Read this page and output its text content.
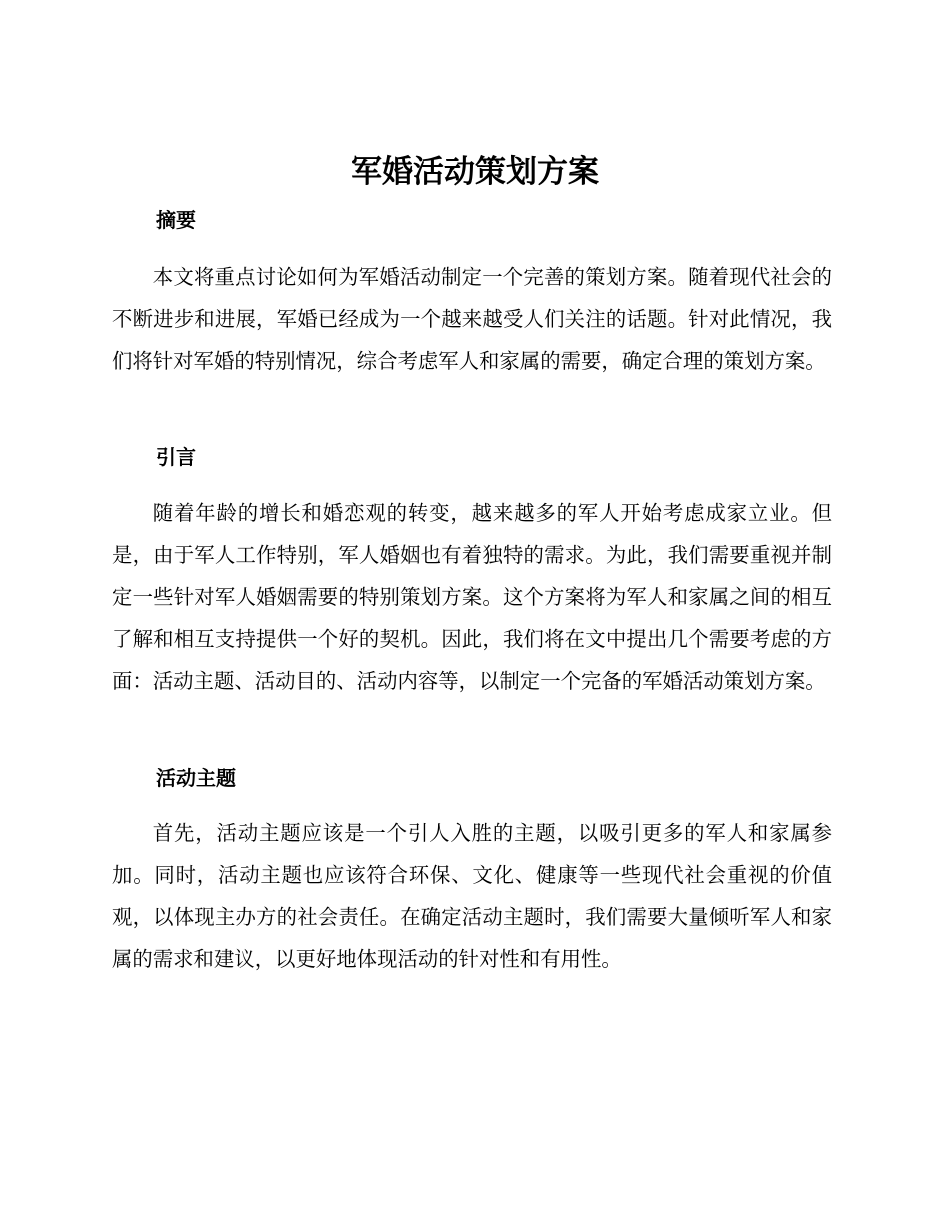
军婚活动策划方案
摘要

本文将重点讨论如何为军婚活动制定一个完善的策划方案。随着现代社会的不断进步和进展，军婚已经成为一个越来越受人们关注的话题。针对此情况，我们将针对军婚的特别情况，综合考虑军人和家属的需要，确定合理的策划方案。

引言

随着年龄的增长和婚恋观的转变，越来越多的军人开始考虑成家立业。但是，由于军人工作特别，军人婚姻也有着独特的需求。为此，我们需要重视并制定一些针对军人婚姻需要的特别策划方案。这个方案将为军人和家属之间的相互了解和相互支持提供一个好的契机。因此，我们将在文中提出几个需要考虑的方面：活动主题、活动目的、活动内容等，以制定一个完备的军婚活动策划方案。

活动主题

首先，活动主题应该是一个引人入胜的主题，以吸引更多的军人和家属参加。同时，活动主题也应该符合环保、文化、健康等一些现代社会重视的价值观，以体现主办方的社会责任。在确定活动主题时，我们需要大量倾听军人和家属的需求和建议，以更好地体现活动的针对性和有用性。
